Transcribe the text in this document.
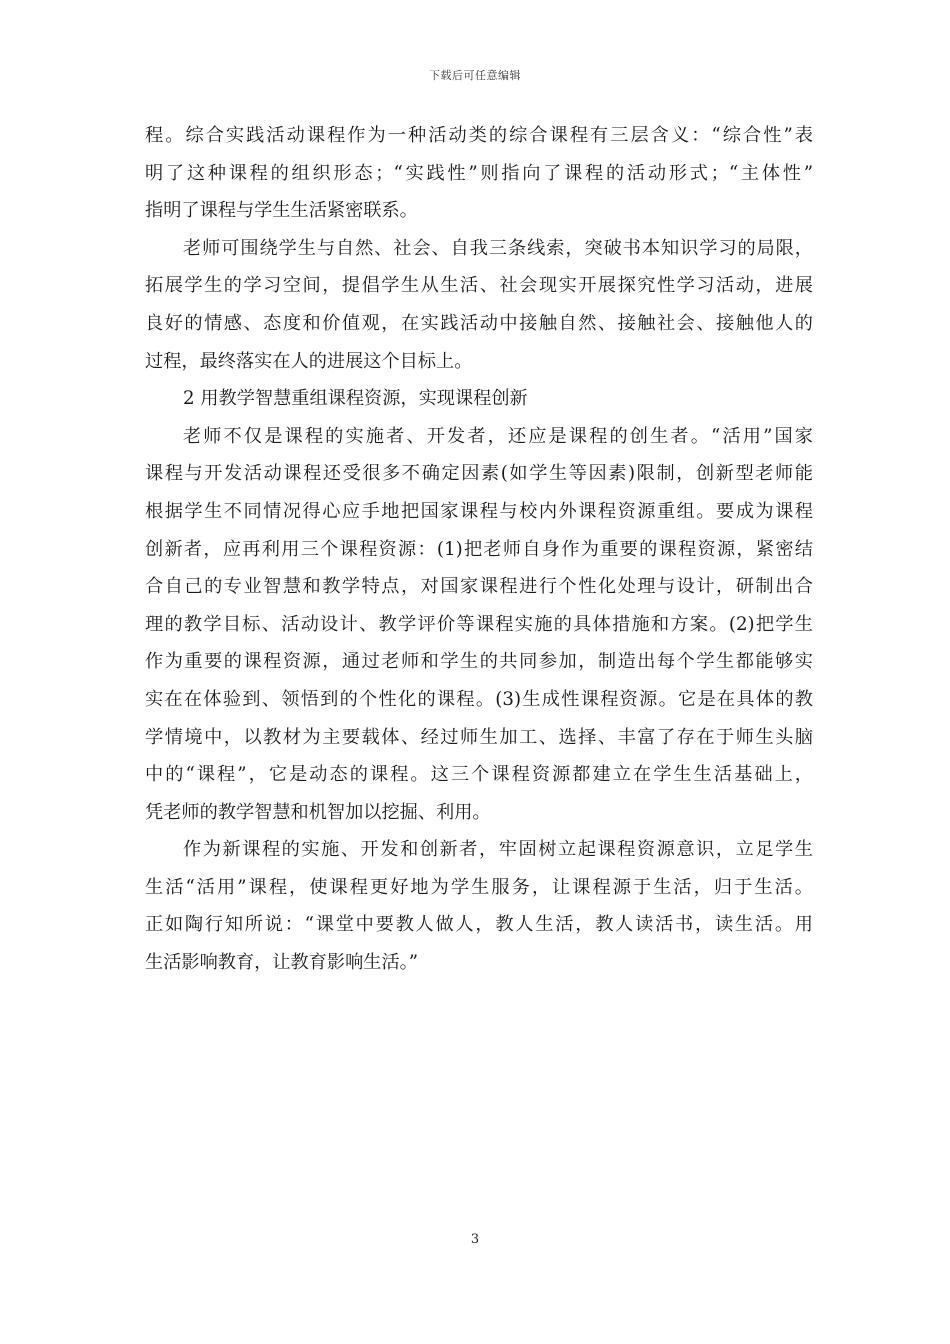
下载后可任意编辑
程。综合实践活动课程作为一种活动类的综合课程有三层含义：“综合性”表
明了这种课程的组织形态；“实践性”则指向了课程的活动形式；“主体性”
指明了课程与学生生活紧密联系。
老师可围绕学生与自然、社会、自我三条线索，突破书本知识学习的局限，
拓展学生的学习空间，提倡学生从生活、社会现实开展探究性学习活动，进展
良好的情感、态度和价值观，在实践活动中接触自然、接触社会、接触他人的
过程，最终落实在人的进展这个目标上。
2 用教学智慧重组课程资源，实现课程创新
老师不仅是课程的实施者、开发者，还应是课程的创生者。“活用”国家
课程与开发活动课程还受很多不确定因素(如学生等因素)限制，创新型老师能
根据学生不同情况得心应手地把国家课程与校内外课程资源重组。要成为课程
创新者，应再利用三个课程资源：(1)把老师自身作为重要的课程资源，紧密结
合自己的专业智慧和教学特点，对国家课程进行个性化处理与设计，研制出合
理的教学目标、活动设计、教学评价等课程实施的具体措施和方案。(2)把学生
作为重要的课程资源，通过老师和学生的共同参加，制造出每个学生都能够实
实在在体验到、领悟到的个性化的课程。(3)生成性课程资源。它是在具体的教
学情境中，以教材为主要载体、经过师生加工、选择、丰富了存在于师生头脑
中的“课程”，它是动态的课程。这三个课程资源都建立在学生生活基础上，
凭老师的教学智慧和机智加以挖掘、利用。
作为新课程的实施、开发和创新者，牢固树立起课程资源意识，立足学生
生活“活用”课程，使课程更好地为学生服务，让课程源于生活，归于生活。
正如陶行知所说：“课堂中要教人做人，教人生活，教人读活书，读生活。用
生活影响教育，让教育影响生活。”
3
